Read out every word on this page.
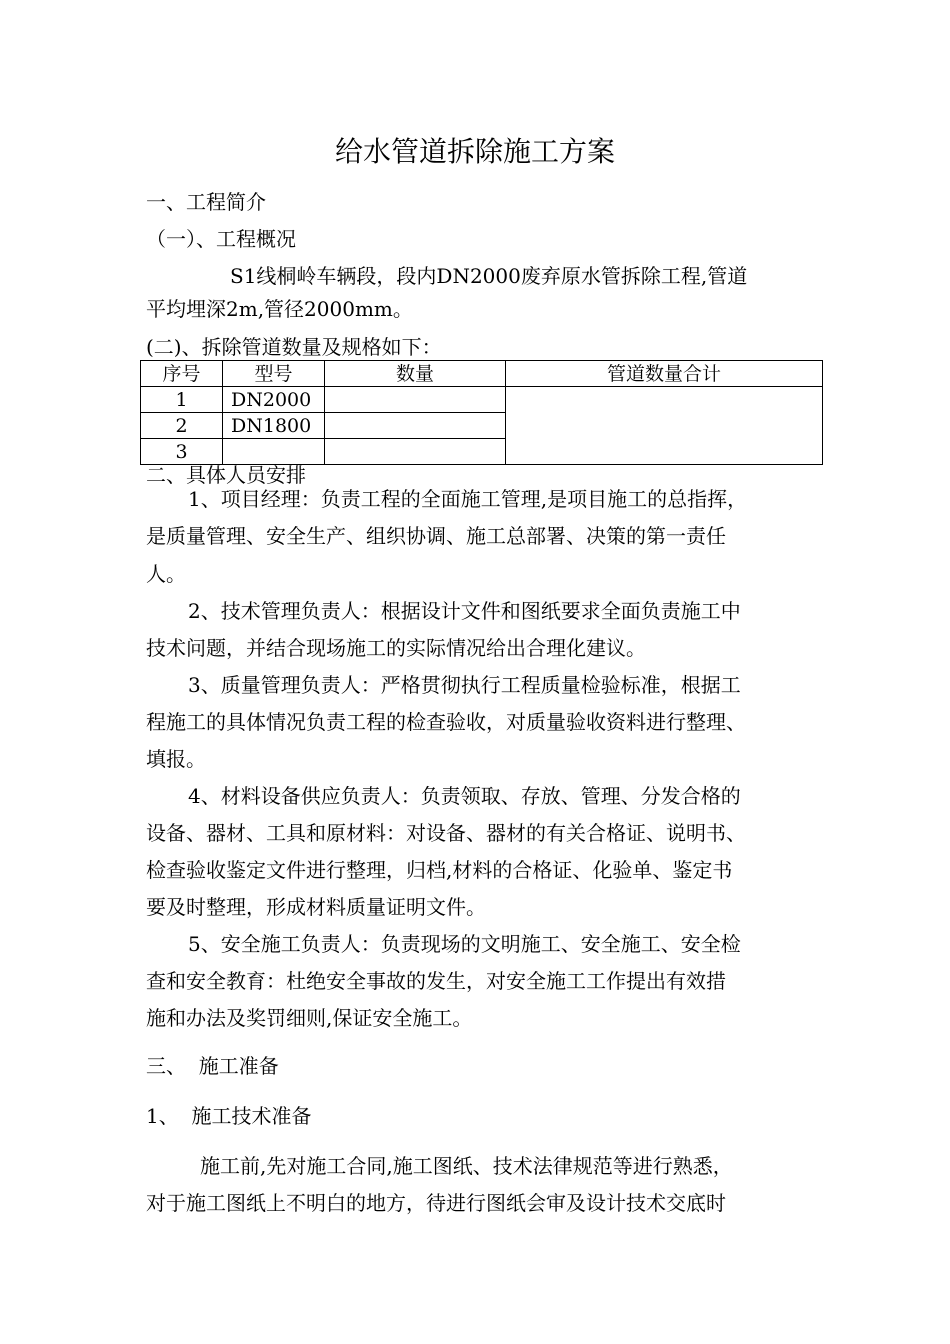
给水管道拆除施工方案
一、工程简介
（一）、工程概况
S1线桐岭车辆段，段内DN2000废弃原水管拆除工程,管道
平均埋深2m,管径2000mm。
(二)、拆除管道数量及规格如下：
序号	型号	数量	管道数量合计
1	DN2000		
2	DN1800		
3			
二、具体人员安排
1、项目经理：负责工程的全面施工管理,是项目施工的总指挥，
是质量管理、安全生产、组织协调、施工总部署、决策的第一责任
人。
2、技术管理负责人：根据设计文件和图纸要求全面负责施工中
技术问题，并结合现场施工的实际情况给出合理化建议。
3、质量管理负责人：严格贯彻执行工程质量检验标准，根据工
程施工的具体情况负责工程的检查验收，对质量验收资料进行整理、
填报。
4、材料设备供应负责人：负责领取、存放、管理、分发合格的
设备、器材、工具和原材料：对设备、器材的有关合格证、说明书、
检查验收鉴定文件进行整理，归档,材料的合格证、化验单、鉴定书
要及时整理，形成材料质量证明文件。
5、安全施工负责人：负责现场的文明施工、安全施工、安全检
查和安全教育：杜绝安全事故的发生，对安全施工工作提出有效措
施和办法及奖罚细则,保证安全施工。
三、  施工准备
1、  施工技术准备
施工前,先对施工合同,施工图纸、技术法律规范等进行熟悉，
对于施工图纸上不明白的地方，待进行图纸会审及设计技术交底时
